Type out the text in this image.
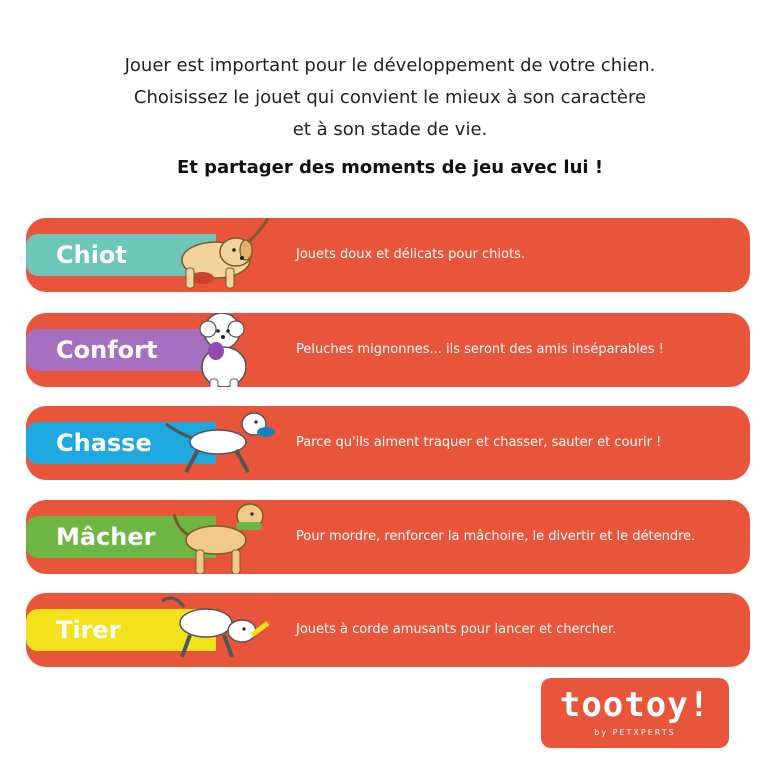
Jouer est important pour le développement de votre chien.
Choisissez le jouet qui convient le mieux à son caractère
et à son stade de vie.
Et partager des moments de jeu avec lui !
Chiot	Jouets doux et délicats pour chiots.
Confort	Peluches mignonnes... ils seront des amis inséparables !
Chasse	Parce qu'ils aiment traquer et chasser, sauter et courir !
Mâcher	Pour mordre, renforcer la mâchoire, le divertir et le détendre.
Tirer	Jouets à corde amusants pour lancer et chercher.
tootoy!
by PETXPERTS
